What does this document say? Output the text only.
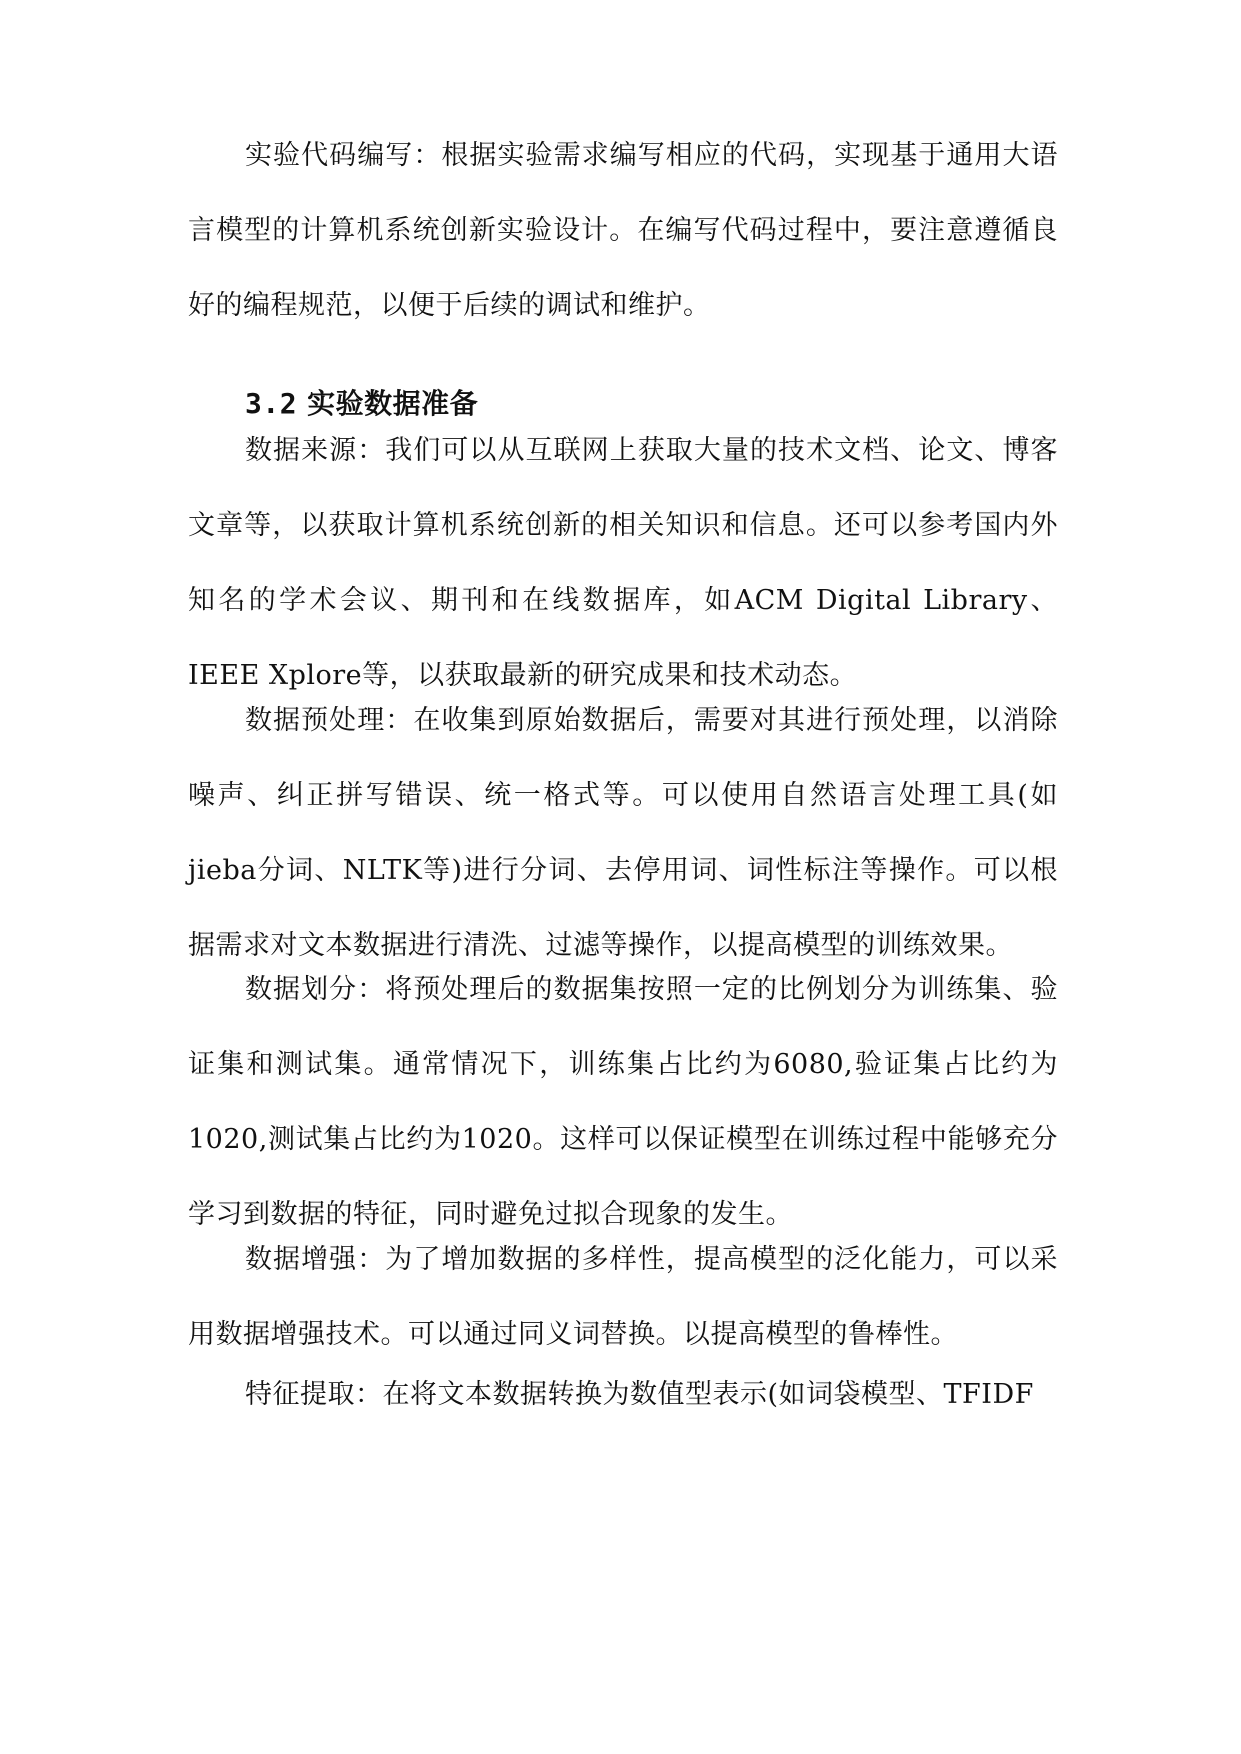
实验代码编写：根据实验需求编写相应的代码，实现基于通用大语言模型的计算机系统创新实验设计。在编写代码过程中，要注意遵循良好的编程规范，以便于后续的调试和维护。

3.2 实验数据准备

数据来源：我们可以从互联网上获取大量的技术文档、论文、博客文章等，以获取计算机系统创新的相关知识和信息。还可以参考国内外知名的学术会议、期刊和在线数据库，如ACM Digital Library、IEEE Xplore等，以获取最新的研究成果和技术动态。

数据预处理：在收集到原始数据后，需要对其进行预处理，以消除噪声、纠正拼写错误、统一格式等。可以使用自然语言处理工具(如jieba分词、NLTK等)进行分词、去停用词、词性标注等操作。可以根据需求对文本数据进行清洗、过滤等操作，以提高模型的训练效果。

数据划分：将预处理后的数据集按照一定的比例划分为训练集、验证集和测试集。通常情况下，训练集占比约为6080,验证集占比约为1020,测试集占比约为1020。这样可以保证模型在训练过程中能够充分学习到数据的特征，同时避免过拟合现象的发生。

数据增强：为了增加数据的多样性，提高模型的泛化能力，可以采用数据增强技术。可以通过同义词替换。以提高模型的鲁棒性。

特征提取：在将文本数据转换为数值型表示(如词袋模型、TFIDF
